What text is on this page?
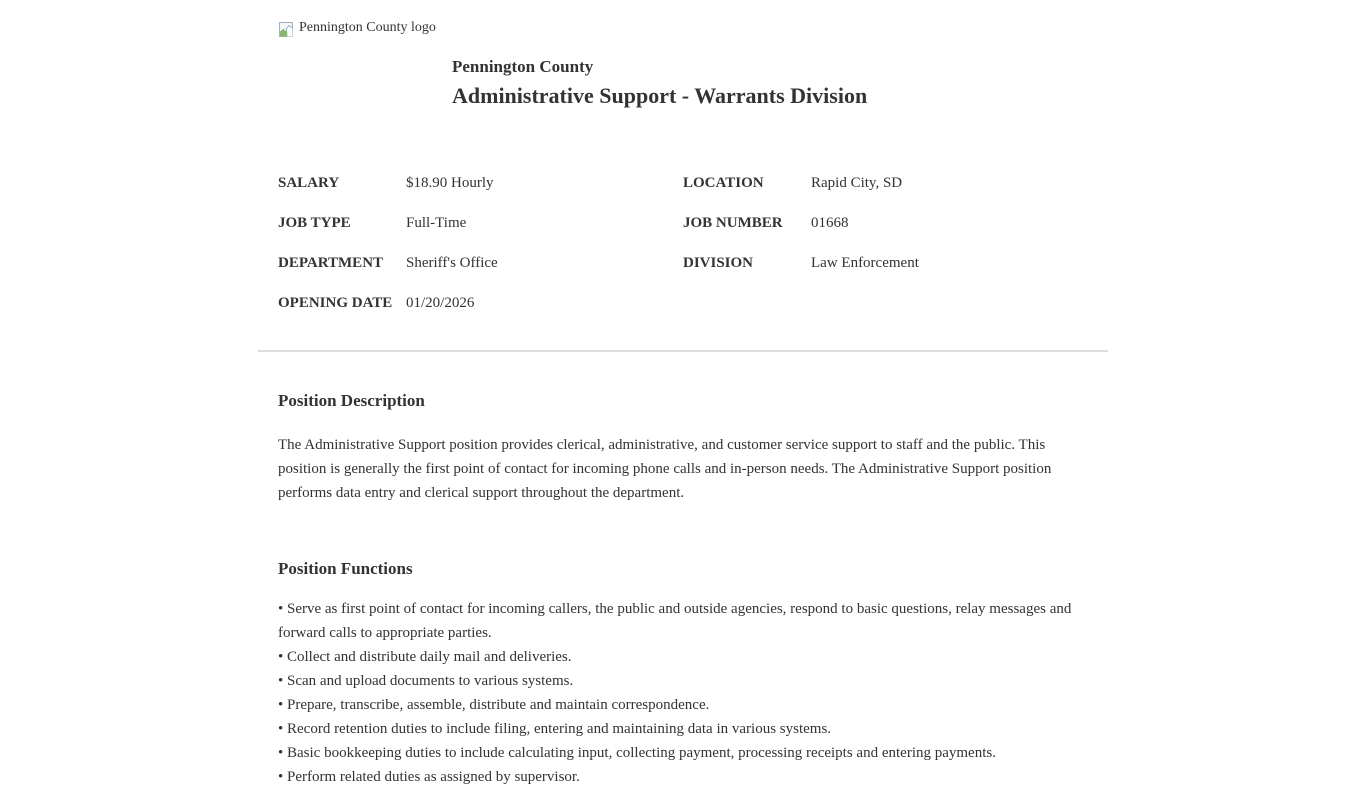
Pennington County logo
Pennington County
Administrative Support - Warrants Division
SALARY	$18.90 Hourly
JOB TYPE	Full-Time
DEPARTMENT	Sheriff's Office
OPENING DATE 01/20/2026
LOCATION	Rapid City, SD
JOB NUMBER	01668
DIVISION	Law Enforcement
Position Description

The Administrative Support position provides clerical, administrative, and customer service support to staff and the public. This position is generally the first point of contact for incoming phone calls and in-person needs. The Administrative Support position performs data entry and clerical support throughout the department.

Position Functions
• Serve as first point of contact for incoming callers, the public and outside agencies, respond to basic questions, relay messages and forward calls to appropriate parties.
• Collect and distribute daily mail and deliveries.
• Scan and upload documents to various systems.
• Prepare, transcribe, assemble, distribute and maintain correspondence.
• Record retention duties to include filing, entering and maintaining data in various systems.
• Basic bookkeeping duties to include calculating input, collecting payment, processing receipts and entering payments.
• Perform related duties as assigned by supervisor.
